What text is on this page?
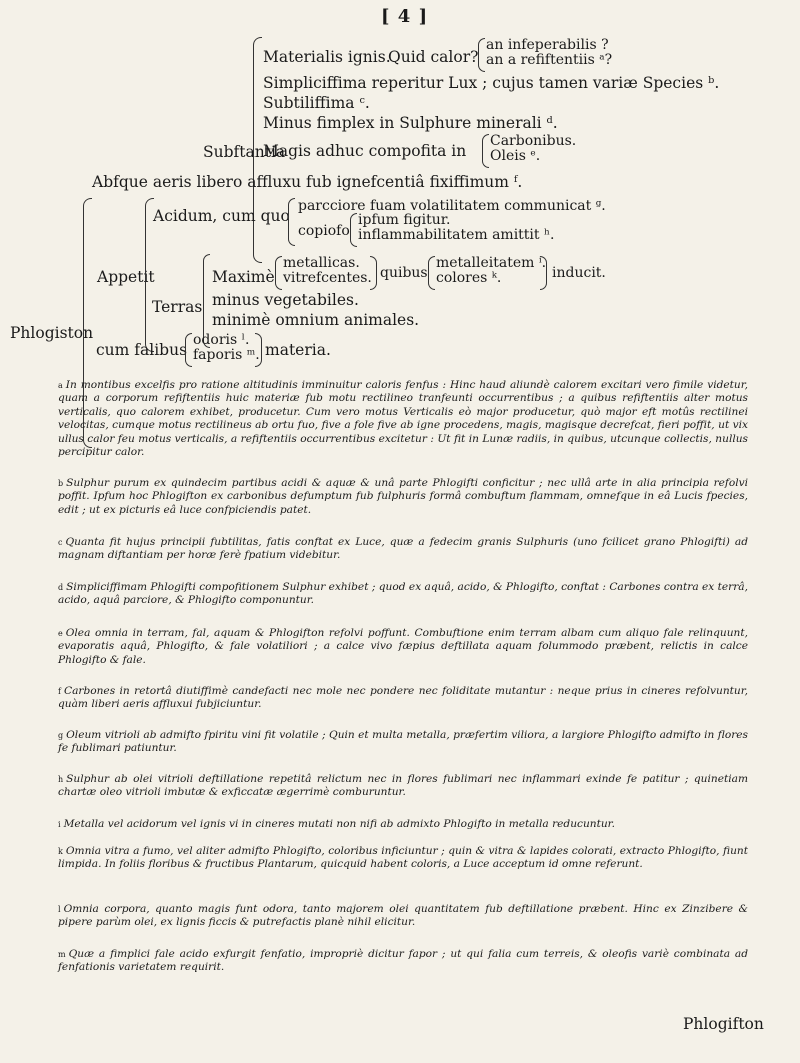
[ 4 ]
Phlogiston
Subftantia
Materialis ignis.
Quid calor?
an infeperabilis ?
an a refiftentiis ᵃ?
Simpliciffima reperitur Lux ; cujus tamen variæ Species ᵇ.
Subtiliffima ᶜ.
Minus fimplex in Sulphure minerali ᵈ.
Magis adhuc compofita in
Carbonibus.
Oleis ᵉ.
Abfque aeris libero affluxu fub ignefcentiâ fixiffimum ᶠ.
Appetit
Acidum, cum quo
parcciore fuam volatilitatem communicat ᵍ.
copiofo
ipfum figitur.
inflammabilitatem amittit ʰ.
Terras
Maximè
metallicas.
vitrefcentes. quibus
metalleitatem ⁱ.
colores ᵏ.	inducit.
minus vegetabiles.
minimè omnium animales.
cum falibus
odoris ˡ.
faporis ᵐ. materia.
$^a$ In montibus excelfis pro ratione altitudinis imminuitur caloris fenfus : Hinc haud aliundè calorem excitari vero fimile videtur, quam a corporum refiftentiis huic materiæ fub motu rectilineo tranfeunti occurrentibus ; a quibus refiftentiis alter motus verticalis, quo calorem exhibet, producetur. Cum vero motus Verticalis eò major producetur, quò major eft motûs rectilinei velocitas, cumque motus rectilineus ab ortu fuo, five a fole five ab igne procedens, magis, magisque decrefcat, fieri poffit, ut vix ullus calor feu motus verticalis, a refiftentiis occurrentibus excitetur : Ut fit in Lunæ radiis, in quibus, utcunque collectis, nullus percipitur calor.
$^b$ Sulphur purum ex quindecim partibus acidi & aquæ & unâ parte Phlogifti conficitur ; nec ullâ arte in alia principia refolvi poffit. Ipfum hoc Phlogifton ex carbonibus defumptum fub fulphuris formâ combuftum flammam, omnefque in eâ Lucis fpecies, edit ; ut ex picturis eâ luce confpiciendis patet.
$^c$ Quanta fit hujus principii fubtilitas, fatis conftat ex Luce, quæ a fedecim granis Sulphuris (uno fcilicet grano Phlogifti) ad magnam diftantiam per horæ ferè fpatium videbitur.
$^d$ Simpliciffimam Phlogifti compofitionem Sulphur exhibet ; quod ex aquâ, acido, & Phlogifto, conftat : Carbones contra ex terrâ, acido, aquâ parciore, & Phlogifto componuntur.
$^e$ Olea omnia in terram, fal, aquam & Phlogifton refolvi poffunt. Combuftione enim terram albam cum aliquo fale relinquunt, evaporatis aquâ, Phlogifto, & fale volatiliori ; a calce vivo fæpius deftillata aquam folummodo præbent, relictis in calce Phlogifto & fale.
$^f$ Carbones in retortâ diutiffimè candefacti nec mole nec pondere nec foliditate mutantur : neque prius in cineres refolvuntur, quàm liberi aeris affluxui fubjiciuntur.
$^g$ Oleum vitrioli ab admifto fpiritu vini fit volatile ; Quin et multa metalla, præfertim viliora, a largiore Phlogifto admifto in flores fe fublimari patiuntur.
$^h$ Sulphur ab olei vitrioli deftillatione repetitâ relictum nec in flores fublimari nec inflammari exinde fe patitur ; quinetiam chartæ oleo vitrioli imbutæ & exficcatæ ægerrimè comburuntur.
$^i$ Metalla vel acidorum vel ignis vi in cineres mutati non nifi ab admixto Phlogifto in metalla reducuntur.
$^k$ Omnia vitra a fumo, vel aliter admifto Phlogifto, coloribus inficiuntur ; quin & vitra & lapides colorati, extracto Phlogifto, fiunt limpida. In foliis floribus & fructibus Plantarum, quicquid habent coloris, a Luce acceptum id omne referunt.
$^l$ Omnia corpora, quanto magis funt odora, tanto majorem olei quantitatem fub deftillatione præbent. Hinc ex Zinzibere & pipere parùm olei, ex lignis ficcis & putrefactis planè nihil elicitur.
$^m$ Quæ a fimplici fale acido exfurgit fenfatio, impropriè dicitur fapor ; ut qui falia cum terreis, & oleofis variè combinata ad fenfationis varietatem requirit.
Phlogifton
